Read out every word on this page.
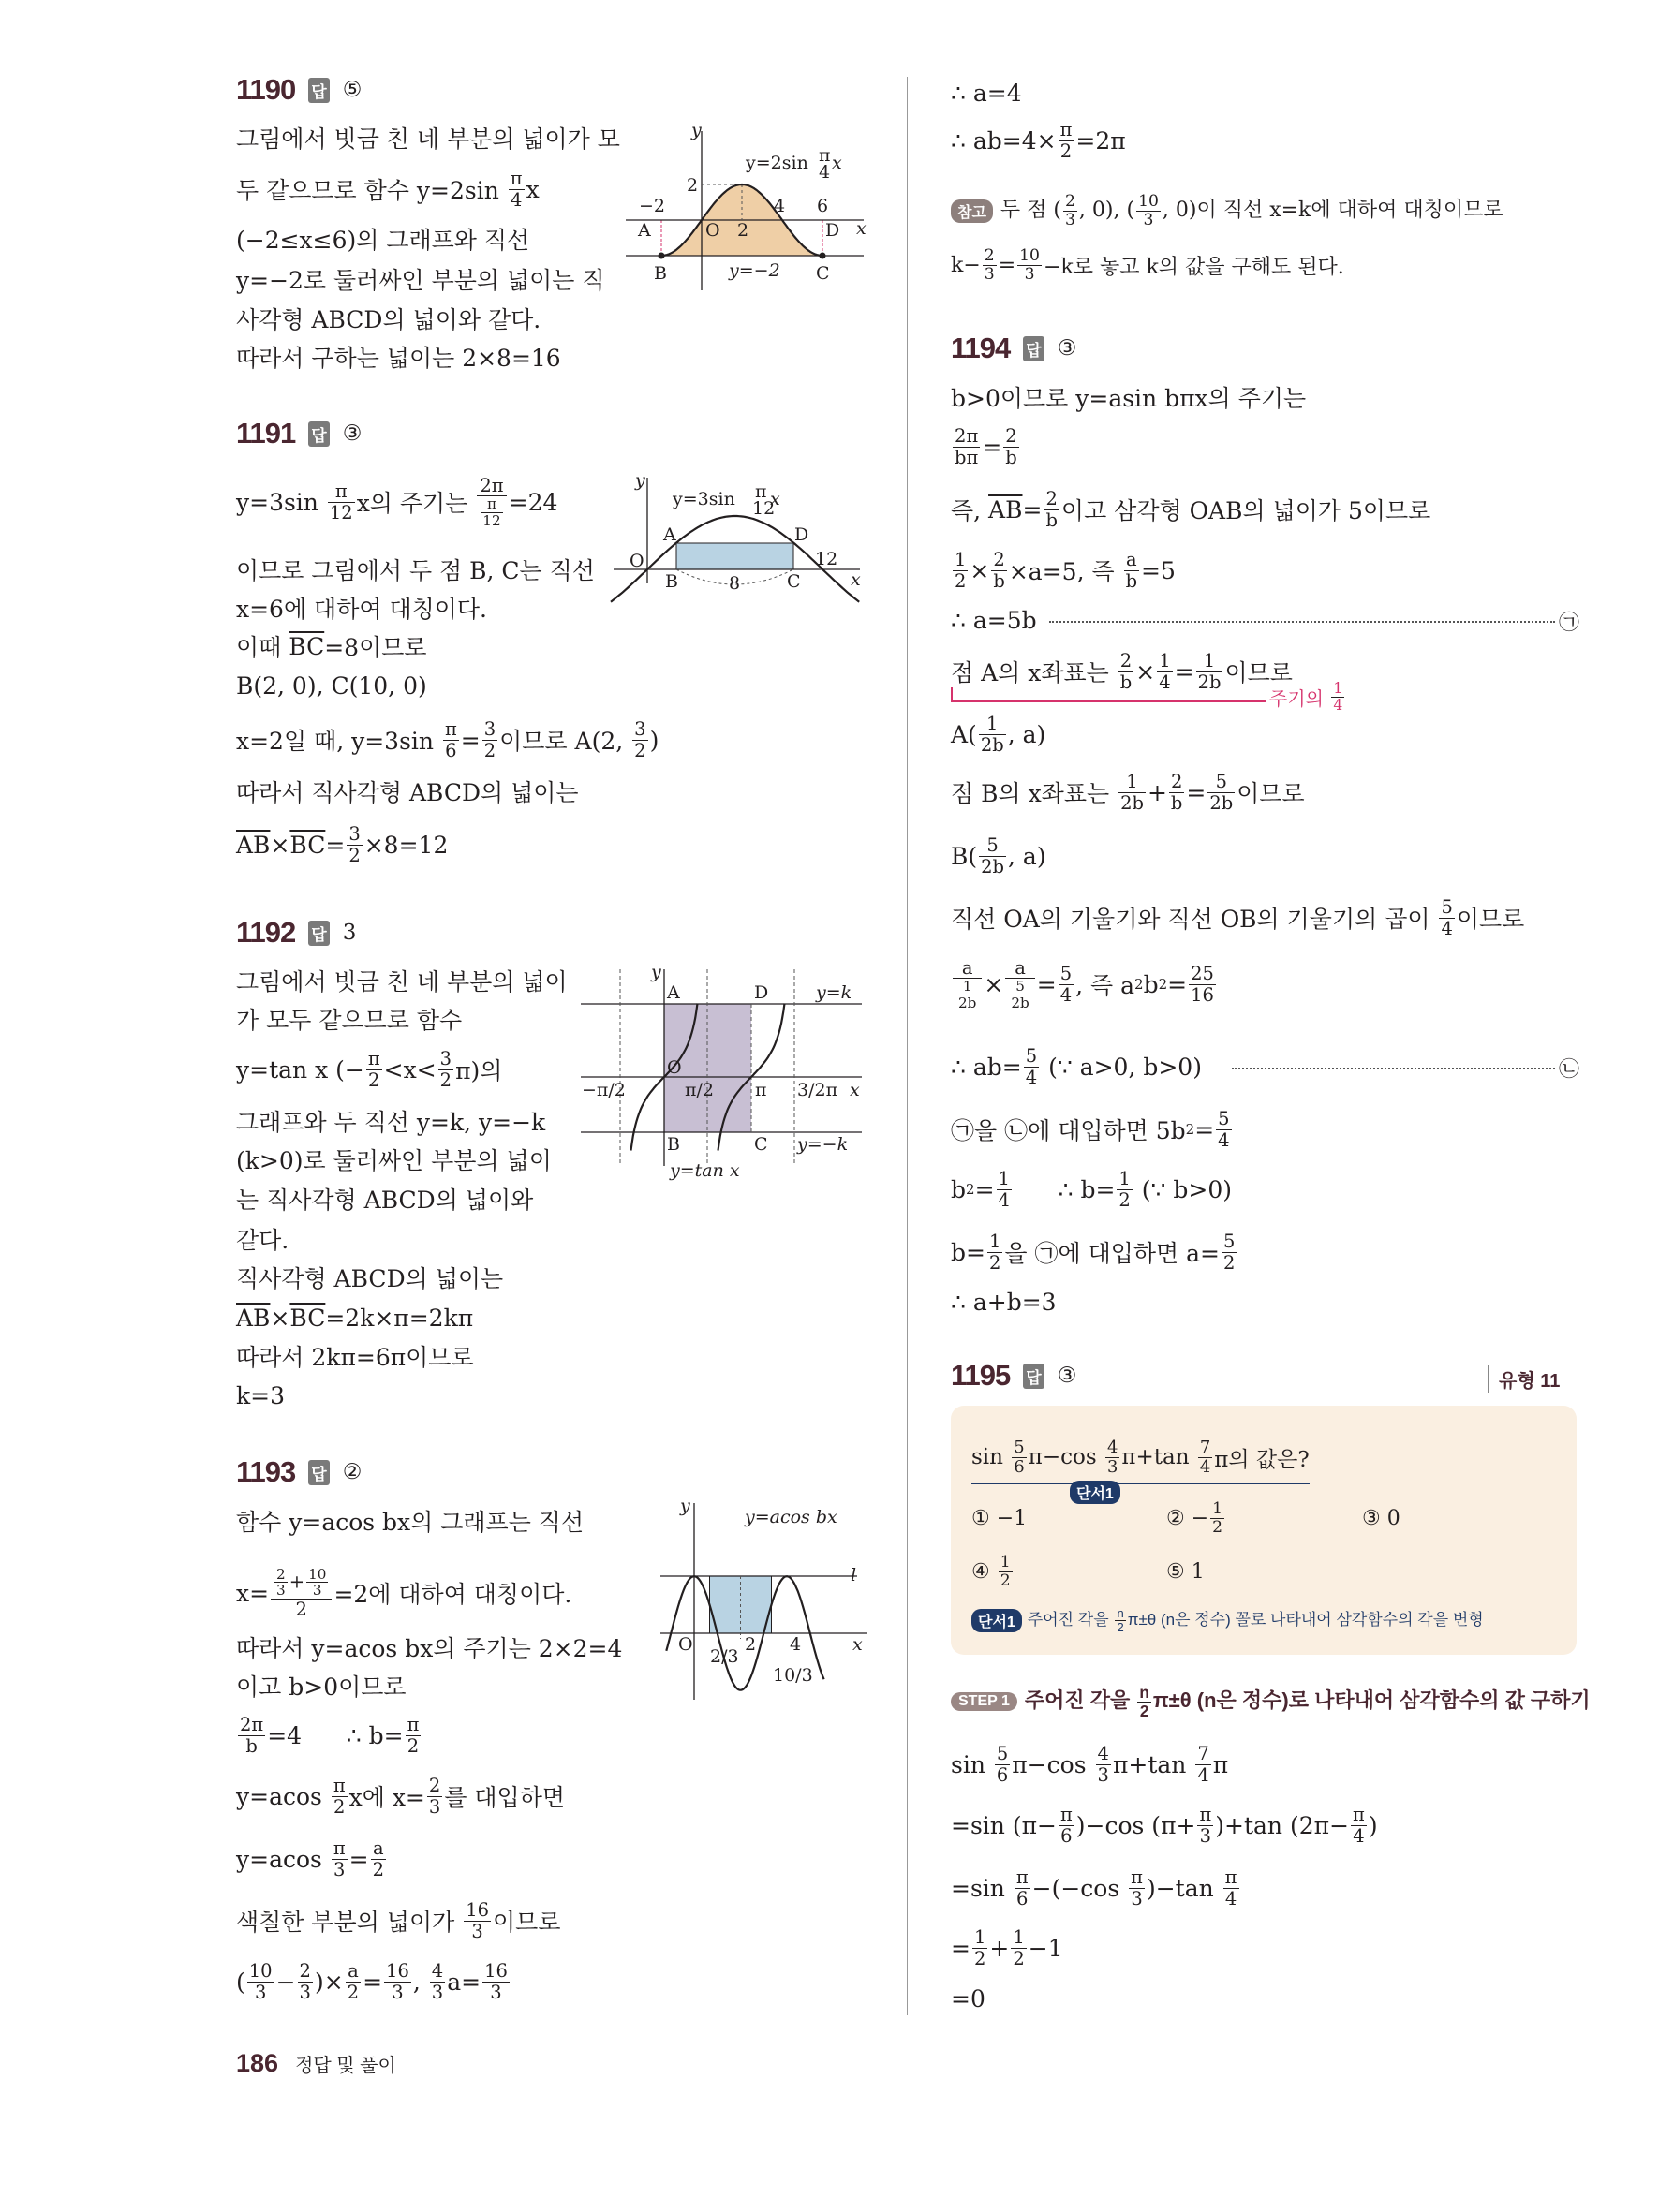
1190 답 ⑤
그림에서 빗금 친 네 부분의 넓이가 모
두 같으므로 함수 $y=2\sin \frac{\pi}{4}$ x
(−2≤x≤6)의 그래프와 직선
y=−2로 둘러싸인 부분의 넓이는 직
사각형 ABCD의 넓이와 같다.
따라서 구하는 넓이는 2×8=16
y
x
y=2sin π
4 x
2
−2	4 6
A	O 2	D
B	y=−2 C
1191 답 ③
$y=3\sin \frac{\pi}{12}$ x의 주기는 $\frac{2\pi}{\frac{\pi}{12}} =24$
이므로 그림에서 두 점 B, C는 직선
x=6에 대하여 대칭이다.
이때 $\overline{BC} =8$이므로
B(2, 0), C(10, 0)
x=2일 때, $y=3\sin \frac{\pi}{6} = \frac{3}{2}$ 이므로 A(2, $\frac{3}{2}$ )
따라서 직사각형 ABCD의 넓이는
$\overline{AB} \times \overline{BC} = \frac{3}{2} \times 8=12$
y
x
y=3sin π
12
x
A	D
O	12
B	8	C
1192 답 3
그림에서 빗금 친 네 부분의 넓이
가 모두 같으므로 함수
y=tan x (− $\frac{\pi}{2} <x< \frac{3}{2} \pi$)의
그래프와 두 직선 y=k, y=−k
(k>0)로 둘러싸인 부분의 넓이
는 직사각형 ABCD의 넓이와
같다.
직사각형 ABCD의 넓이는
$\overline{AB} \times \overline{BC} =2k\times\pi=2k\pi$
따라서 2kπ=6π이므로
k=3
y
A	D	y=k
−π/2
O
π/2 π 3/2π x
B	C y=−k
y=tan x
1193 답 ②
함수 y=acos bx의 그래프는 직선
$x= \frac{\frac{2}{3} + \frac{10}{3}}{2} =2$에 대하여 대칭이다.
따라서 y=acos bx의 주기는 2×2=4
이고 b>0이므로
$\frac{2\pi}{b} =4$      ∴ $b= \frac{\pi}{2}$
$y=acos \frac{\pi}{2}$ x에 $x= \frac{2}{3}$ 를 대입하면
$y=acos \frac{\pi}{3} = \frac{a}{2}$
색칠한 부분의 넓이가 $\frac{16}{3}$ 이므로
( $\frac{10}{3} - \frac{2}{3}$ )× $\frac{a}{2} = \frac{16}{3}$ , $\frac{4}{3} a= \frac{16}{3}$
y
y=acos bx
l
O
2/3
2 4
10/3
x
∴ a=4
∴ $ab=4\times \frac{\pi}{2} =2\pi$
참고 두 점 ( $\frac{2}{3}$ , 0), ( $\frac{10}{3}$ , 0)이 직선 x=k에 대하여 대칭이므로
$k- \frac{2}{3} = \frac{10}{3} -k$로 놓고 k의 값을 구해도 된다.
1194 답 ③
b>0이므로 y=asin bπx의 주기는
$\frac{2\pi}{b\pi} = \frac{2}{b}$
즉, $\overline{AB} = \frac{2}{b}$ 이고 삼각형 OAB의 넓이가 5이므로
$\frac{1}{2} \times \frac{2}{b} \times a=5$, 즉 $\frac{a}{b} =5$
∴ a=5b	㉠
점 A의 x좌표는 $\frac{2}{b} \times \frac{1}{4} = \frac{1}{2b}$ 이므로
주기의 $\frac{1}{4}$
$A( \frac{1}{2b}$ , a)
점 B의 x좌표는 $\frac{1}{2b} + \frac{2}{b} = \frac{5}{2b}$ 이므로
$B( \frac{5}{2b}$ , a)
직선 OA의 기울기와 직선 OB의 기울기의 곱이 $\frac{5}{4}$ 이므로
$\frac{a}{\frac{1}{2b}} \times \frac{a}{\frac{5}{2b}} = \frac{5}{4}$ , 즉 a 2 b $2 = \frac{25}{16}$
∴ $ab= \frac{5}{4}$ (∵ a>0, b>0)	㉡
㉠을 ㉡에 대입하면 5b $2 = \frac{5}{4}$
b $2 = \frac{1}{4}$ ∴ $b= \frac{1}{2}$ (∵ b>0)
$b= \frac{1}{2}$ 을 ㉠에 대입하면 $a= \frac{5}{2}$
∴ a+b=3
1195 답 ③	유형 11
$\sin \frac{5}{6} \pi-\cos \frac{4}{3} \pi+\tan \frac{7}{4}$ π의 값은?
단서1
① −1	② − $\frac{1}{2}$	③ 0
④ $\frac{1}{2}$	⑤ 1
단서1 주어진 각을 $\frac{n}{2} \pi\pm\theta$ (n은 정수) 꼴로 나타내어 삼각함수의 각을 변형
STEP 1 주어진 각을 $\frac{n}{2} \pi\pm\theta$ (n은 정수)로 나타내어 삼각함수의 값 구하기
$\sin \frac{5}{6} \pi-\cos \frac{4}{3} \pi+\tan \frac{7}{4}$ π
=sin $(\pi- \frac{\pi}{6} )-\cos$ $(\pi+ \frac{\pi}{3} )+\tan$ ($2\pi- \frac{\pi}{4}$ )
$=\sin \frac{\pi}{6} -(-\cos \frac{\pi}{3} )-\tan \frac{\pi}{4}$
= $\frac{1}{2} + \frac{1}{2} -1$
=0
186 정답 및 풀이
